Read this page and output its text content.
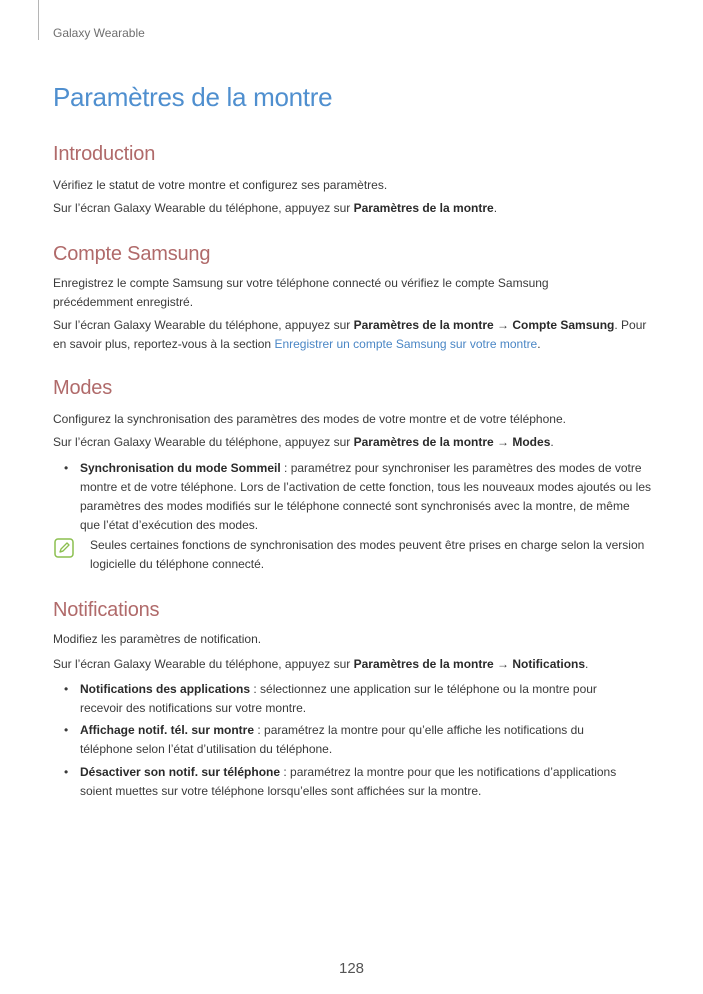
Galaxy Wearable
Paramètres de la montre
Introduction

Vérifiez le statut de votre montre et configurez ses paramètres.

Sur l’écran Galaxy Wearable du téléphone, appuyez sur Paramètres de la montre.

Compte Samsung

Enregistrez le compte Samsung sur votre téléphone connecté ou vérifiez le compte Samsung précédemment enregistré.

Sur l’écran Galaxy Wearable du téléphone, appuyez sur Paramètres de la montre → Compte Samsung. Pour en savoir plus, reportez-vous à la section Enregistrer un compte Samsung sur votre montre.

Modes

Configurez la synchronisation des paramètres des modes de votre montre et de votre téléphone.

Sur l’écran Galaxy Wearable du téléphone, appuyez sur Paramètres de la montre → Modes.

• Synchronisation du mode Sommeil : paramétrez pour synchroniser les paramètres des modes de votre montre et de votre téléphone. Lors de l’activation de cette fonction, tous les nouveaux modes ajoutés ou les paramètres des modes modifiés sur le téléphone connecté sont synchronisés avec la montre, de même que l’état d’exécution des modes.

Seules certaines fonctions de synchronisation des modes peuvent être prises en charge selon la version logicielle du téléphone connecté.

Notifications

Modifiez les paramètres de notification.

Sur l’écran Galaxy Wearable du téléphone, appuyez sur Paramètres de la montre → Notifications.

• Notifications des applications : sélectionnez une application sur le téléphone ou la montre pour recevoir des notifications sur votre montre.

• Affichage notif. tél. sur montre : paramétrez la montre pour qu’elle affiche les notifications du téléphone selon l’état d’utilisation du téléphone.

• Désactiver son notif. sur téléphone : paramétrez la montre pour que les notifications d’applications soient muettes sur votre téléphone lorsqu’elles sont affichées sur la montre.

128
